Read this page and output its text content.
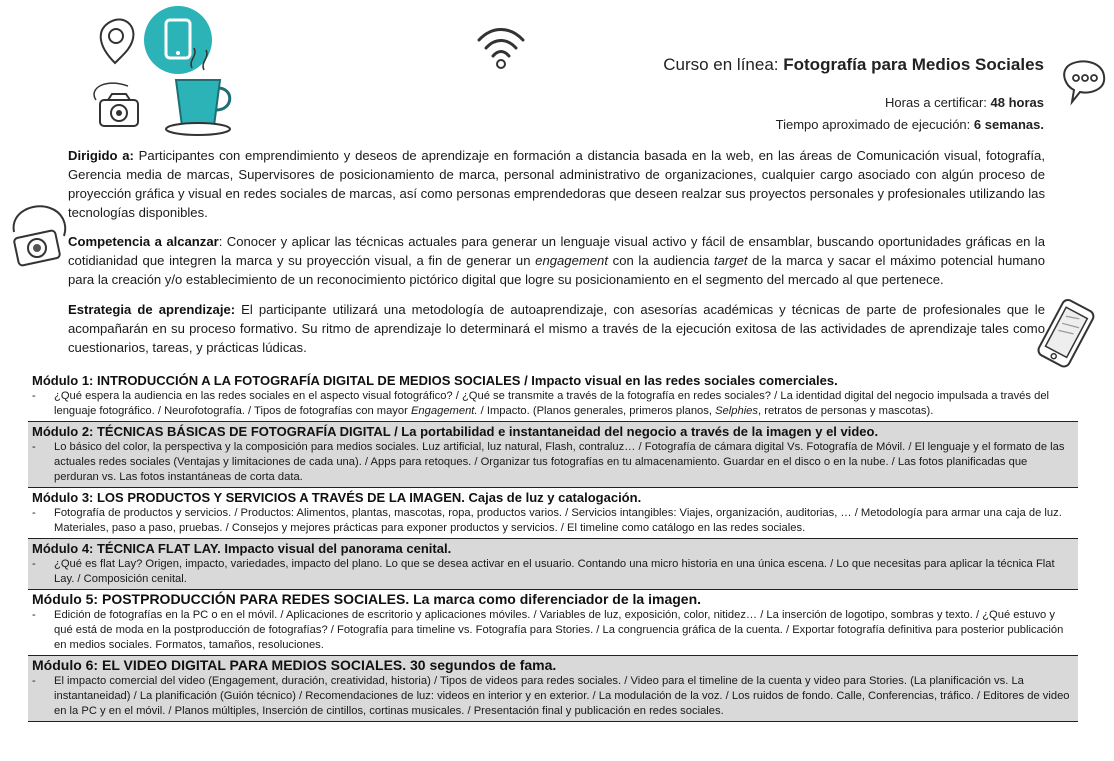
Curso en línea: Fotografía para Medios Sociales
Horas a certificar: 48 horas
Tiempo aproximado de ejecución: 6 semanas.
Dirigido a: Participantes con emprendimiento y deseos de aprendizaje en formación a distancia basada en la web, en las áreas de Comunicación visual, fotografía, Gerencia media de marcas, Supervisores de posicionamiento de marca, personal administrativo de organizaciones, cualquier cargo asociado con algún proceso de proyección gráfica y visual en redes sociales de marcas, así como personas emprendedoras que deseen realzar sus proyectos personales y profesionales utilizando las tecnologías disponibles.
Competencia a alcanzar: Conocer y aplicar las técnicas actuales para generar un lenguaje visual activo y fácil de ensamblar, buscando oportunidades gráficas en la cotidianidad que integren la marca y su proyección visual, a fin de generar un engagement con la audiencia target de la marca y sacar el máximo potencial humano para la creación y/o establecimiento de un reconocimiento pictórico digital que logre su posicionamiento en el segmento del mercado al que pertenece.
Estrategia de aprendizaje: El participante utilizará una metodología de autoaprendizaje, con asesorías académicas y técnicas de parte de profesionales que le acompañarán en su proceso formativo. Su ritmo de aprendizaje lo determinará el mismo a través de la ejecución exitosa de las actividades de aprendizaje tales como cuestionarios, tareas, y prácticas lúdicas.
Módulo 1: INTRODUCCIÓN A LA FOTOGRAFÍA DIGITAL DE MEDIOS SOCIALES / Impacto visual en las redes sociales comerciales.
-	¿Qué espera la audiencia en las redes sociales en el aspecto visual fotográfico? / ¿Qué se transmite a través de la fotografía en redes sociales? / La identidad digital del negocio impulsada a través del lenguaje fotográfico. / Neurofotografía. / Tipos de fotografías con mayor Engagement. / Impacto. (Planos generales, primeros planos, Selphies, retratos de personas y mascotas).
Módulo 2: TÉCNICAS BÁSICAS DE FOTOGRAFÍA DIGITAL / La portabilidad e instantaneidad del negocio a través de la imagen y el video.
-	Lo básico del color, la perspectiva y la composición para medios sociales. Luz artificial, luz natural, Flash, contraluz… / Fotografía de cámara digital Vs. Fotografía de Móvil. / El lenguaje y el formato de las actuales redes sociales (Ventajas y limitaciones de cada una). / Apps para retoques. / Organizar tus fotografías en tu almacenamiento. Guardar en el disco o en la nube. / Las fotos planificadas que perduran vs. Las fotos instantáneas de corta data.
Módulo 3: LOS PRODUCTOS Y SERVICIOS A TRAVÉS DE LA IMAGEN. Cajas de luz y catalogación.
-	Fotografía de productos y servicios. / Productos: Alimentos, plantas, mascotas, ropa, productos varios. / Servicios intangibles: Viajes, organización, auditorias, … / Metodología para armar una caja de luz. Materiales, paso a paso, pruebas. / Consejos y mejores prácticas para exponer productos y servicios. / El timeline como catálogo en las redes sociales.
Módulo 4: TÉCNICA FLAT LAY. Impacto visual del panorama cenital.
-	¿Qué es flat Lay? Origen, impacto, variedades, impacto del plano. Lo que se desea activar en el usuario. Contando una micro historia en una única escena. / Lo que necesitas para aplicar la técnica Flat Lay. / Composición cenital.
Módulo 5: POSTPRODUCCIÓN PARA REDES SOCIALES. La marca como diferenciador de la imagen.
-	Edición de fotografías en la PC o en el móvil. / Aplicaciones de escritorio y aplicaciones móviles. / Variables de luz, exposición, color, nitidez… / La inserción de logotipo, sombras y texto. / ¿Qué estuvo y qué está de moda en la postproducción de fotografías? / Fotografía para timeline vs. Fotografía para Stories. / La congruencia gráfica de la cuenta. / Exportar fotografía definitiva para posterior publicación en medios sociales. Formatos, tamaños, resoluciones.
Módulo 6: EL VIDEO DIGITAL PARA MEDIOS SOCIALES. 30 segundos de fama.
-	El impacto comercial del video (Engagement, duración, creatividad, historia) / Tipos de videos para redes sociales. / Video para el timeline de la cuenta y video para Stories. (La planificación vs. La instantaneidad) / La planificación (Guión técnico) / Recomendaciones de luz: videos en interior y en exterior. / La modulación de la voz. / Los ruidos de fondo. Calle, Conferencias, tráfico. / Editores de video en la PC y en el móvil. / Planos múltiples, Inserción de cintillos, cortinas musicales. / Presentación final y publicación en redes sociales.
